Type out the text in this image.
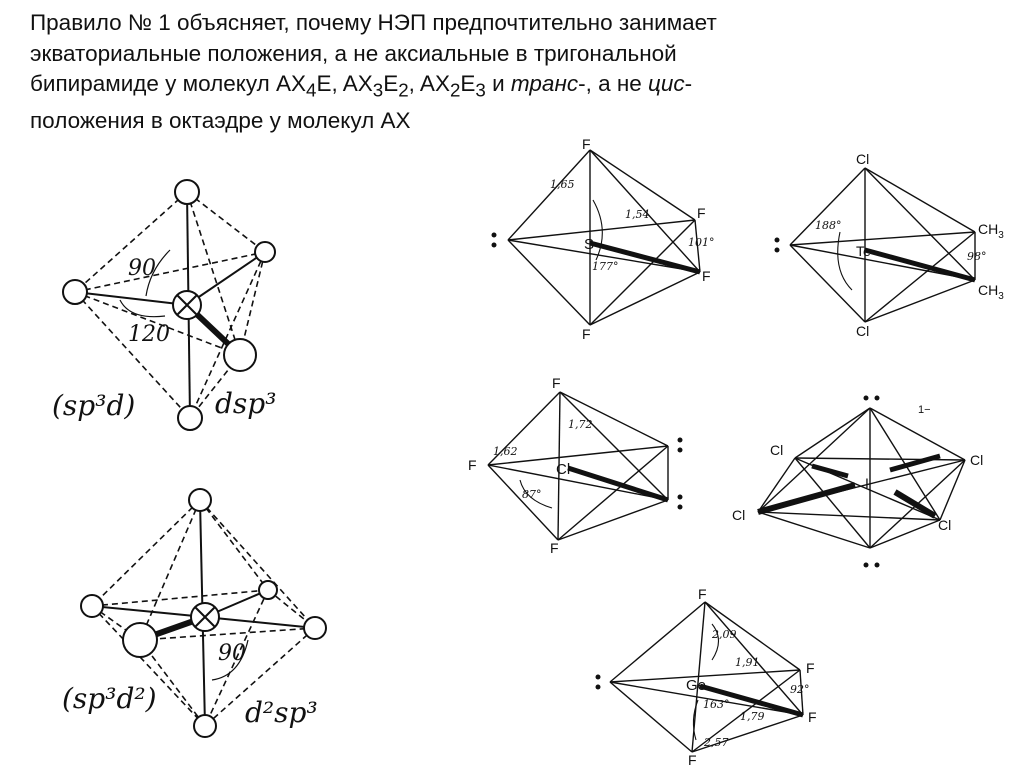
Правило № 1 объясняет, почему НЭП предпочтительно занимает
экваториальные положения, а не аксиальные в тригональной
бипирамиде у молекул $AX_4E$, $AX_3E_2$, $AX_2E_3$ и транс-, а не цис-
положения в октаэдре у молекул AX
90
120
(sp³d)	dsp³
90
(sp³d²)	d²sp³
F
S
F
F
F
1,65
1,54
101°
177°
Cl
Te
Cl
$CH_3$
$CH_3$
188°
98°
F
F	Cl
F
1,72
1,62
87°
1−
Cl
Cl
I
Cl
Cl
F
Ge
F
F
F
2,09
1,91
92°
163°
1,79
2,57
